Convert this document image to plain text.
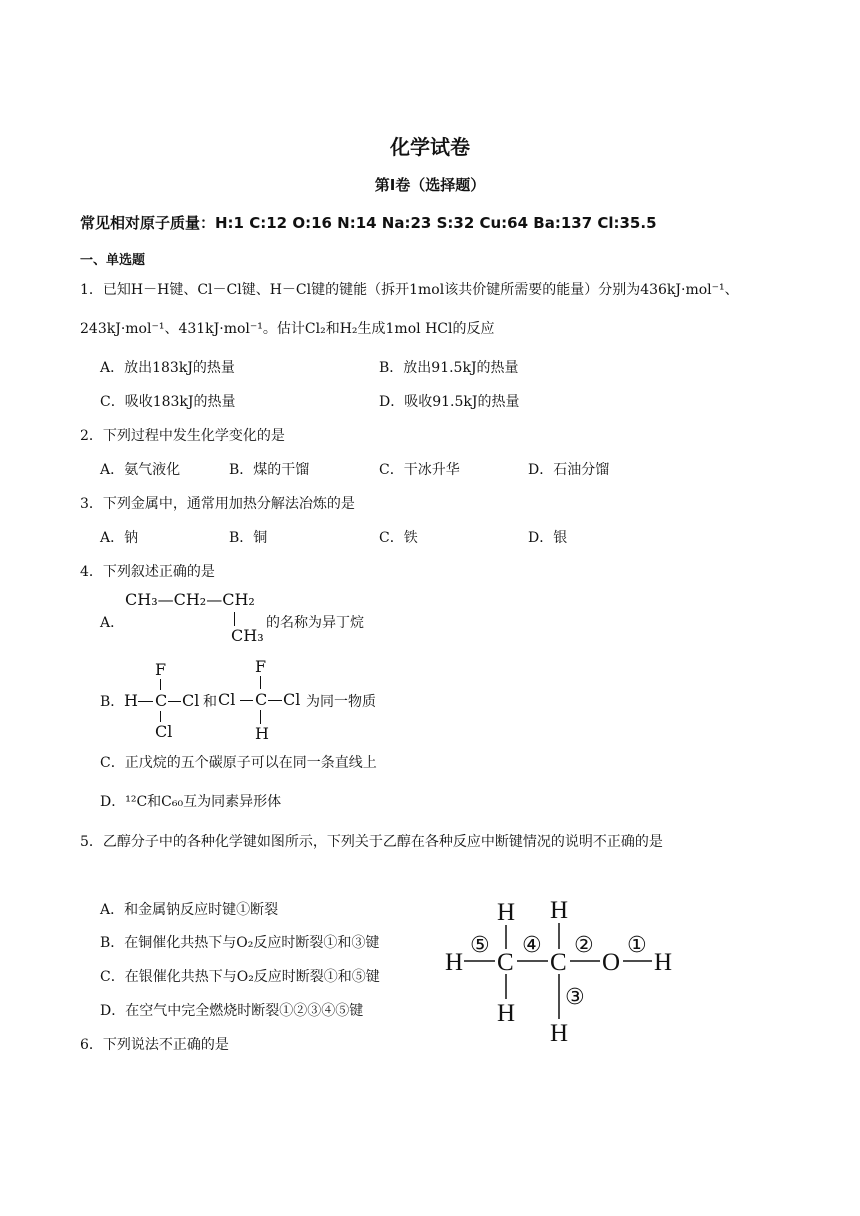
化学试卷
第Ⅰ卷（选择题）
常见相对原子质量：H:1 C:12 O:16 N:14 Na:23 S:32 Cu:64 Ba:137 Cl:35.5
一、单选题
1．已知H－H键、Cl－Cl键、H－Cl键的键能（拆开1mol该共价键所需要的能量）分别为436kJ·mol⁻¹、
243kJ·mol⁻¹、431kJ·mol⁻¹。估计Cl₂和H₂生成1mol HCl的反应
A．放出183kJ的热量	B．放出91.5kJ的热量
C．吸收183kJ的热量	D．吸收91.5kJ的热量
2．下列过程中发生化学变化的是
A．氨气液化	B．煤的干馏	C．干冰升华	D．石油分馏
3．下列金属中，通常用加热分解法冶炼的是
A．钠	B．铜	C．铁	D．银
4．下列叙述正确的是
A．
CH₃—CH₂—CH₂
CH₃
的名称为异丁烷
B．
F
H C Cl
Cl
和
F
Cl C Cl
H
为同一物质
C．正戊烷的五个碳原子可以在同一条直线上
D．¹²C和C₆₀互为同素异形体
5．乙醇分子中的各种化学键如图所示，下列关于乙醇在各种反应中断键情况的说明不正确的是
A．和金属钠反应时键①断裂
B．在铜催化共热下与O₂反应时断裂①和③键
C．在银催化共热下与O₂反应时断裂①和⑤键
D．在空气中完全燃烧时断裂①②③④⑤键
H H
H C C O H
H
H
⑤ ④ ② ①
③
6．下列说法不正确的是
